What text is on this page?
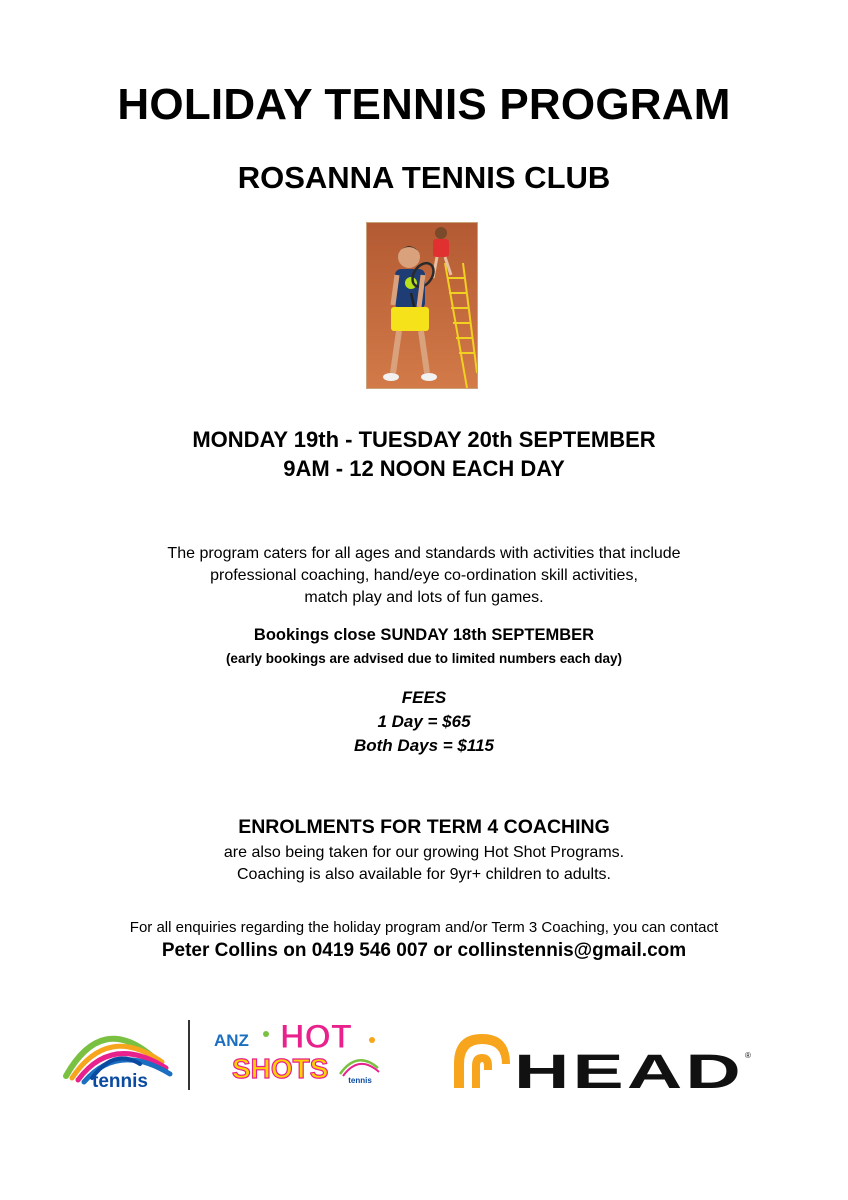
HOLIDAY TENNIS PROGRAM
ROSANNA TENNIS CLUB
MONDAY 19th - TUESDAY 20th SEPTEMBER
9AM - 12 NOON EACH DAY
The program caters for all ages and standards with activities that include
professional coaching, hand/eye co-ordination skill activities,
match play and lots of fun games.
Bookings close SUNDAY 18th SEPTEMBER
(early bookings are advised due to limited numbers each day)
FEES
1 Day = $65
Both Days = $115
ENROLMENTS FOR TERM 4 COACHING
are also being taken for our growing Hot Shot Programs.
Coaching is also available for 9yr+ children to adults.
For all enquiries regarding the holiday program and/or Term 3 Coaching, you can contact
Peter Collins on 0419 546 007 or collinstennis@gmail.com
tennis
ANZ HOT
SHOTS tennis	HEAD ®
